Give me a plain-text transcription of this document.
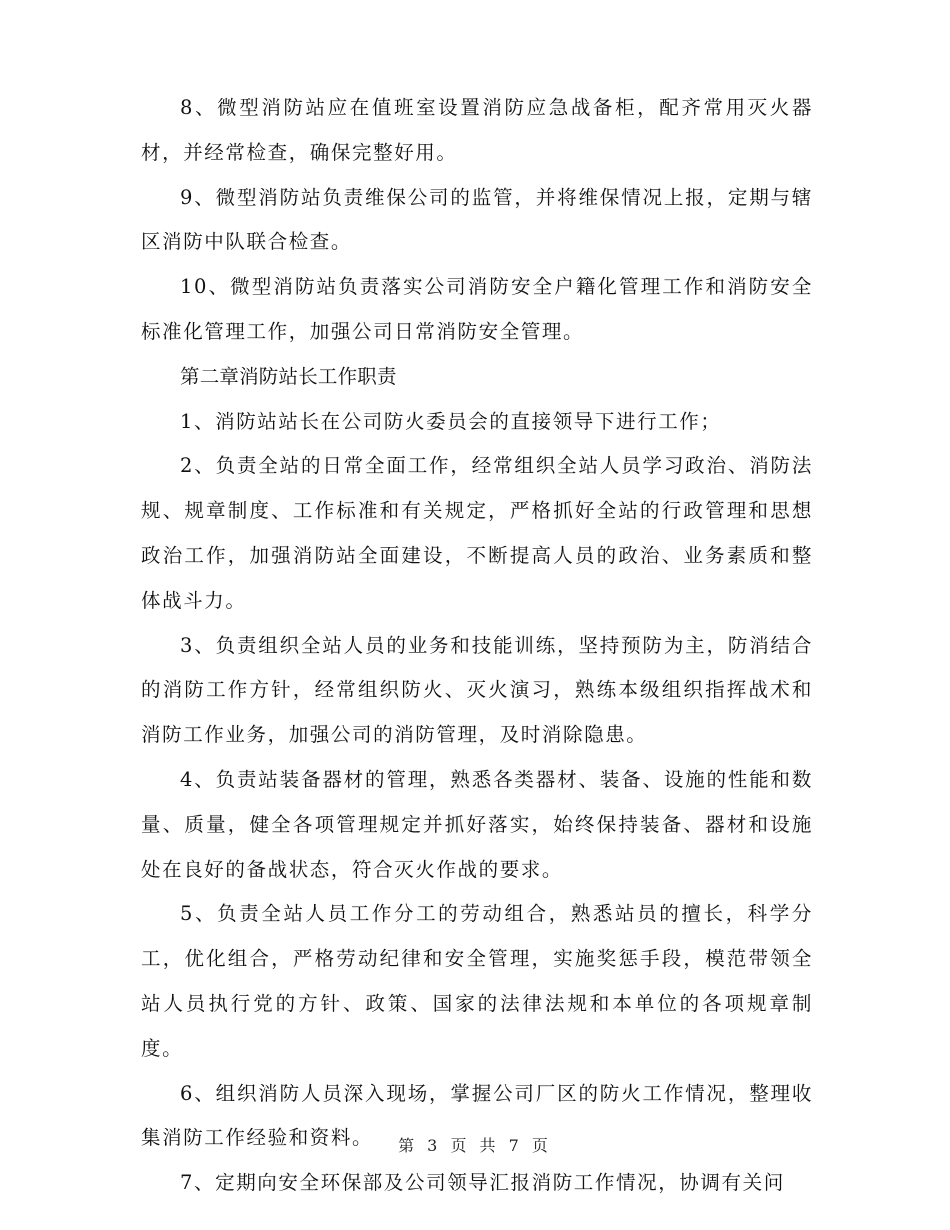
8、微型消防站应在值班室设置消防应急战备柜，配齐常用灭火器材，并经常检查，确保完整好用。

9、微型消防站负责维保公司的监管，并将维保情况上报，定期与辖区消防中队联合检查。

10、微型消防站负责落实公司消防安全户籍化管理工作和消防安全标准化管理工作，加强公司日常消防安全管理。

第二章消防站长工作职责

1、消防站站长在公司防火委员会的直接领导下进行工作；

2、负责全站的日常全面工作，经常组织全站人员学习政治、消防法规、规章制度、工作标准和有关规定，严格抓好全站的行政管理和思想政治工作，加强消防站全面建设，不断提高人员的政治、业务素质和整体战斗力。

3、负责组织全站人员的业务和技能训练，坚持预防为主，防消结合的消防工作方针，经常组织防火、灭火演习，熟练本级组织指挥战术和消防工作业务，加强公司的消防管理，及时消除隐患。

4、负责站装备器材的管理，熟悉各类器材、装备、设施的性能和数量、质量，健全各项管理规定并抓好落实，始终保持装备、器材和设施处在良好的备战状态，符合灭火作战的要求。

5、负责全站人员工作分工的劳动组合，熟悉站员的擅长，科学分工，优化组合，严格劳动纪律和安全管理，实施奖惩手段，模范带领全站人员执行党的方针、政策、国家的法律法规和本单位的各项规章制度。

6、组织消防人员深入现场，掌握公司厂区的防火工作情况，整理收集消防工作经验和资料。

7、定期向安全环保部及公司领导汇报消防工作情况，协调有关问

第 3 页 共 7 页
